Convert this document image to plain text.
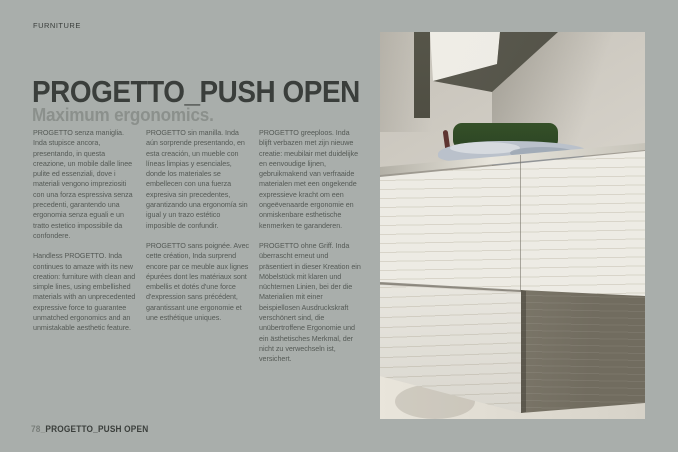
FURNITURE
PROGETTO_PUSH OPEN
Maximum ergonomics.

PROGETTO senza maniglia. Inda stupisce ancora, presentando, in questa creazione, un mobile dalle linee pulite ed essenziali, dove i materiali vengono impreziositi con una forza espressiva senza precedenti, garantendo una ergonomia senza eguali e un tratto estetico impossibile da confondere.

Handless PROGETTO. Inda continues to amaze with its new creation: furniture with clean and simple lines, using embellished materials with an unprecedented expressive force to guarantee unmatched ergonomics and an unmistakable aesthetic feature.

PROGETTO sin manilla. Inda aún sorprende presentando, en esta creación, un mueble con líneas limpias y esenciales, donde los materiales se embellecen con una fuerza expresiva sin precedentes, garantizando una ergonomía sin igual y un trazo estético imposible de confundir.

PROGETTO sans poignée. Avec cette création, Inda surprend encore par ce meuble aux lignes épurées dont les matériaux sont embellis et dotés d'une force d'expression sans précédent, garantissant une ergonomie et une esthétique uniques.

PROGETTO greeploos. Inda blijft verbazen met zijn nieuwe creatie: meubilair met duidelijke en eenvoudige lijnen, gebruikmakend van verfraaide materialen met een ongekende expressieve kracht om een ongeëvenaarde ergonomie en onmiskenbare esthetische kenmerken te garanderen.

PROGETTO ohne Griff. Inda überrascht erneut und präsentiert in dieser Kreation ein Möbelstück mit klaren und nüchternen Linien, bei der die Materialien mit einer beispiellosen Ausdruckskraft verschönert sind, die unübertroffene Ergonomie und ein ästhetisches Merkmal, der nicht zu verwechseln ist, versichert.

78_PROGETTO_PUSH OPEN
